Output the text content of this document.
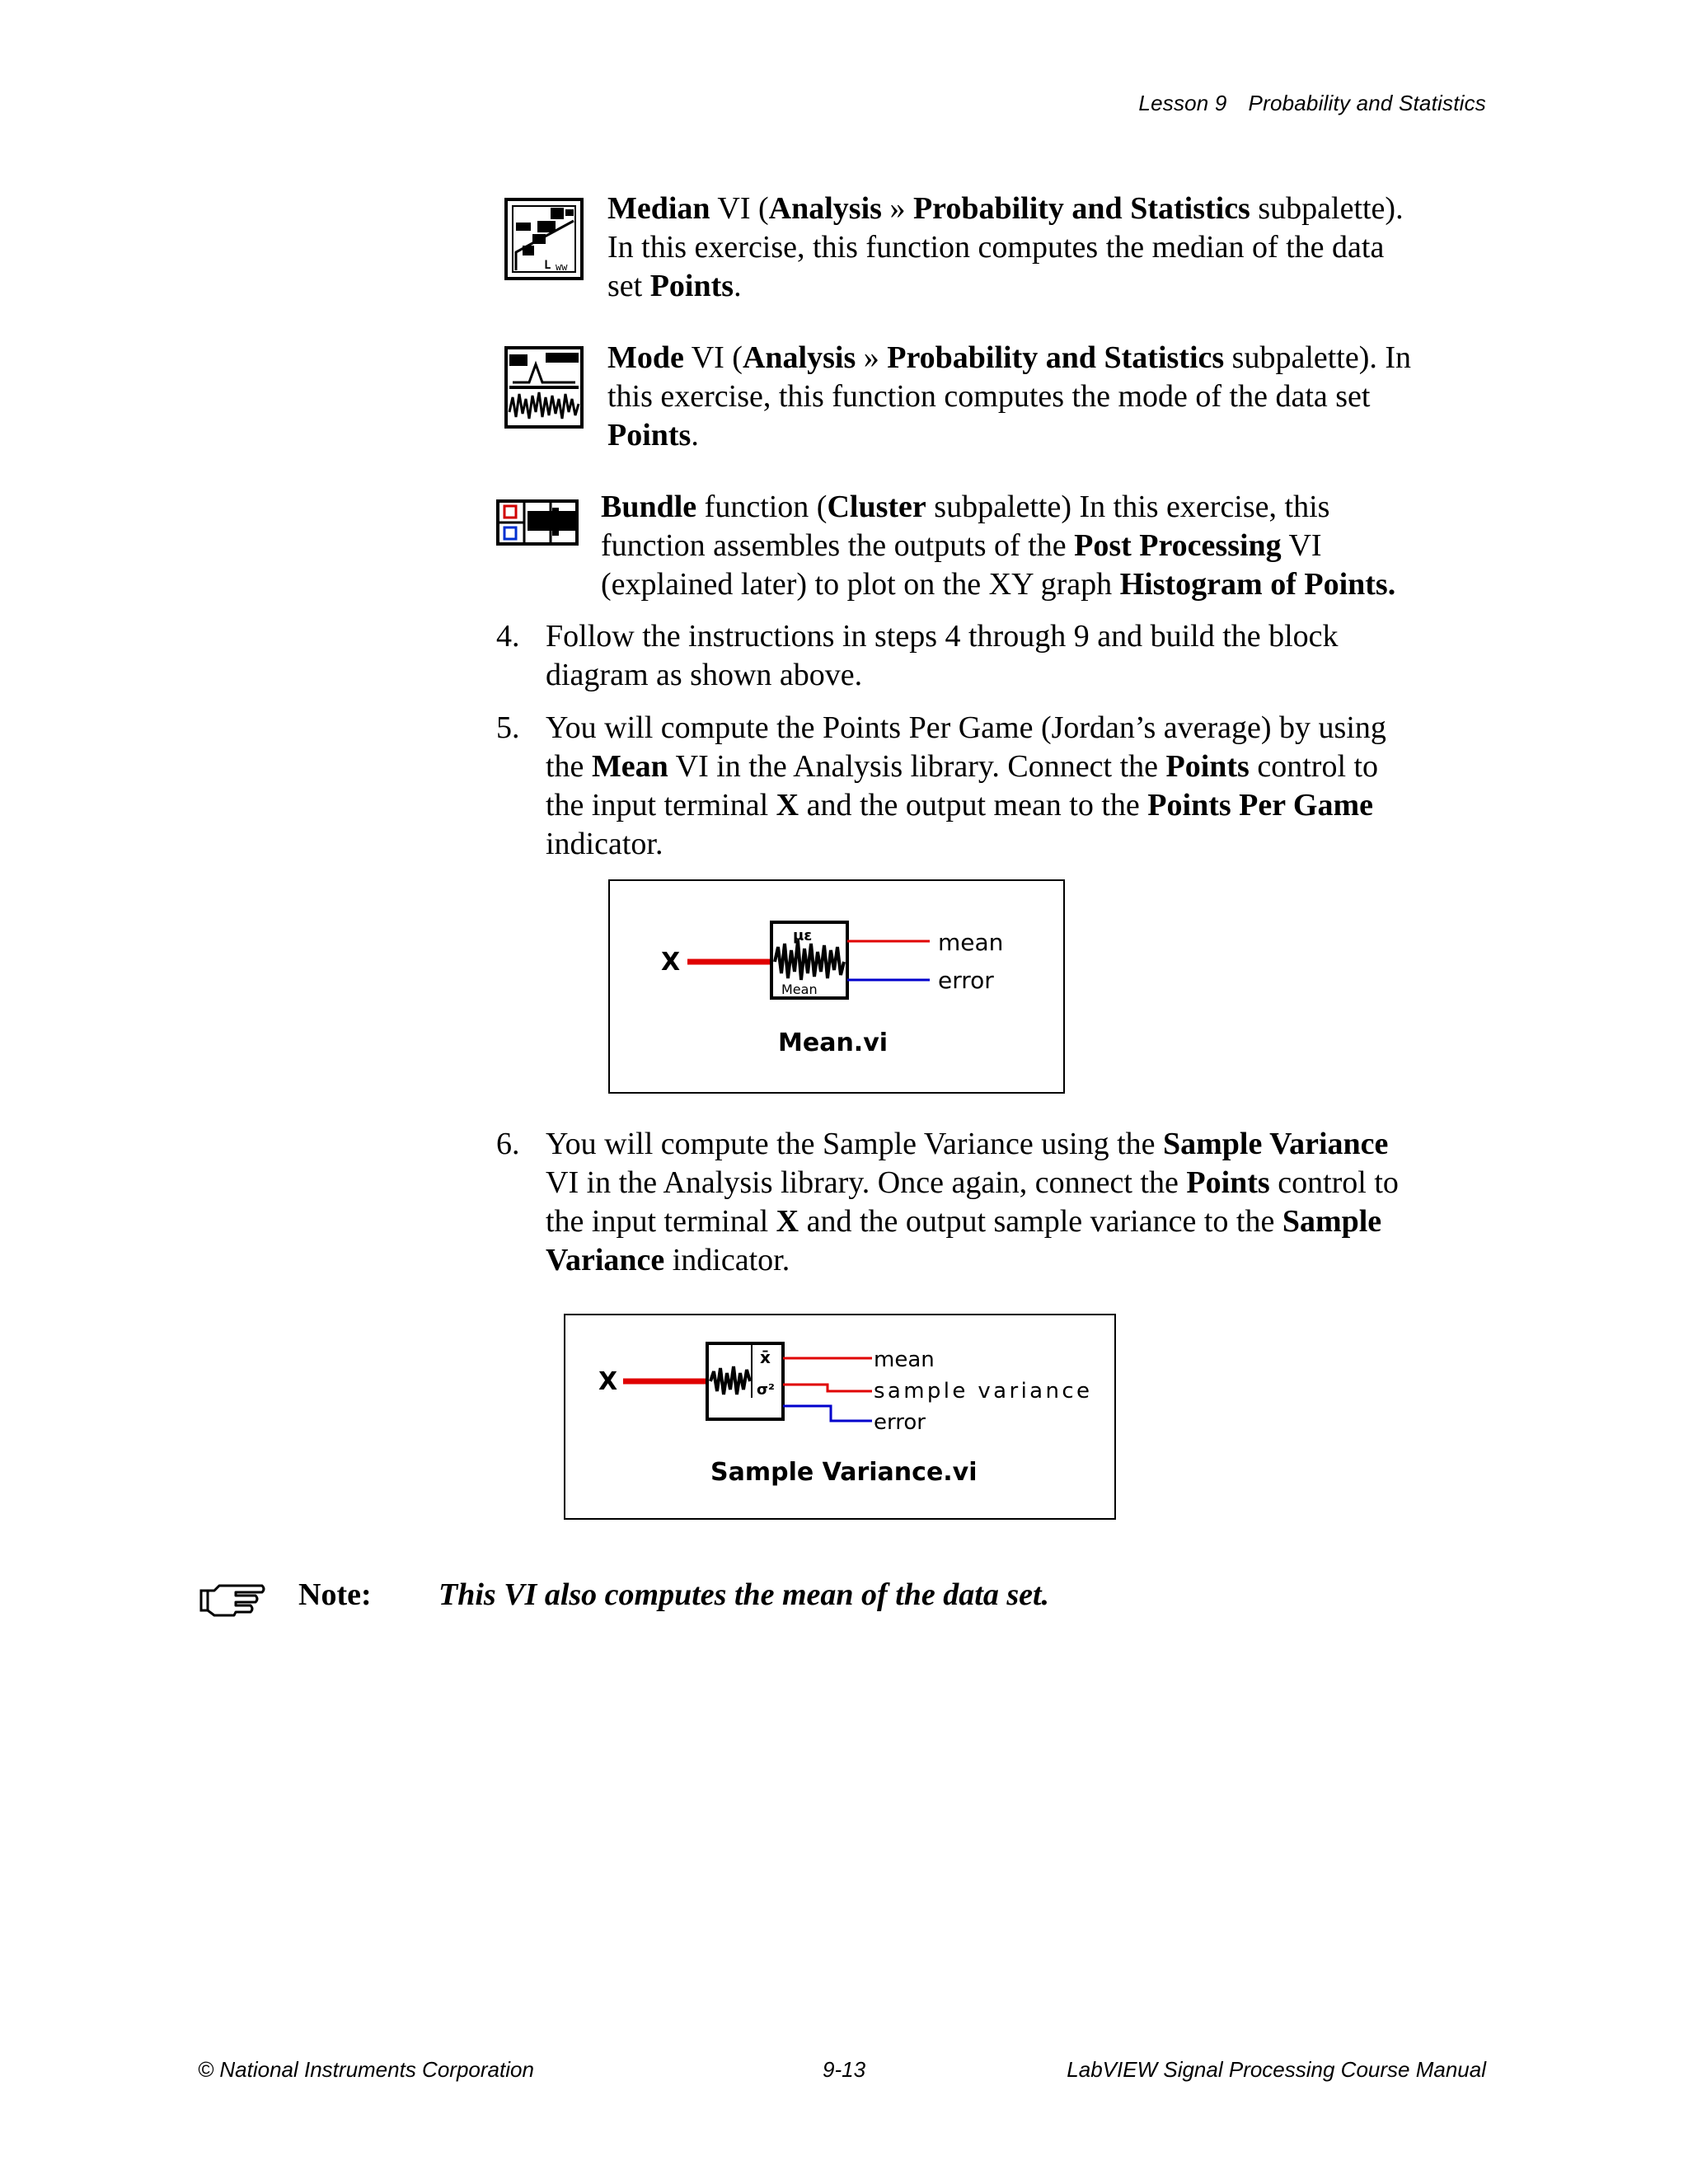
Lesson 9 Probability and Statistics
L ww
Median VI (Analysis » Probability and Statistics subpalette).
In this exercise, this function computes the median of the data
set Points.
Mode VI (Analysis » Probability and Statistics subpalette). In
this exercise, this function computes the mode of the data set
Points.
Bundle function (Cluster subpalette) In this exercise, this
function assembles the outputs of the Post Processing VI
(explained later) to plot on the XY graph Histogram of Points.
4. Follow the instructions in steps 4 through 9 and build the block
diagram as shown above.
5. You will compute the Points Per Game (Jordan’s average) by using
the Mean VI in the Analysis library. Connect the Points control to
the input terminal X and the output mean to the Points Per Game
indicator.
X
με
Mean
mean
error
Mean.vi
6. You will compute the Sample Variance using the Sample Variance
VI in the Analysis library. Once again, connect the Points control to
the input terminal X and the output sample variance to the Sample
Variance indicator.
X
x̄
σ²
mean
sample variance
error
Sample Variance.vi
Note: This VI also computes the mean of the data set.
© National Instruments Corporation	9-13	LabVIEW Signal Processing Course Manual
